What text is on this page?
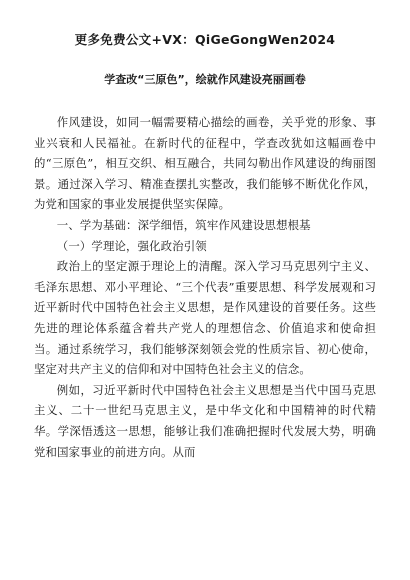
更多免费公文+VX：QiGeGongWen2024
学查改“三原色”，绘就作风建设亮丽画卷

作风建设，如同一幅需要精心描绘的画卷，关乎党的形象、事业兴衰和人民福祉。在新时代的征程中，学查改犹如这幅画卷中的“三原色”，相互交织、相互融合，共同勾勒出作风建设的绚丽图景。通过深入学习、精准查摆扎实整改，我们能够不断优化作风，为党和国家的事业发展提供坚实保障。

一、学为基础：深学细悟，筑牢作风建设思想根基

（一）学理论，强化政治引领

政治上的坚定源于理论上的清醒。深入学习马克思列宁主义、毛泽东思想、邓小平理论、“三个代表”重要思想、科学发展观和习近平新时代中国特色社会主义思想，是作风建设的首要任务。这些先进的理论体系蕴含着共产党人的理想信念、价值追求和使命担当。通过系统学习，我们能够深刻领会党的性质宗旨、初心使命，坚定对共产主义的信仰和对中国特色社会主义的信念。

例如，习近平新时代中国特色社会主义思想是当代中国马克思主义、二十一世纪马克思主义，是中华文化和中国精神的时代精华。学深悟透这一思想，能够让我们准确把握时代发展大势，明确党和国家事业的前进方向。从而
